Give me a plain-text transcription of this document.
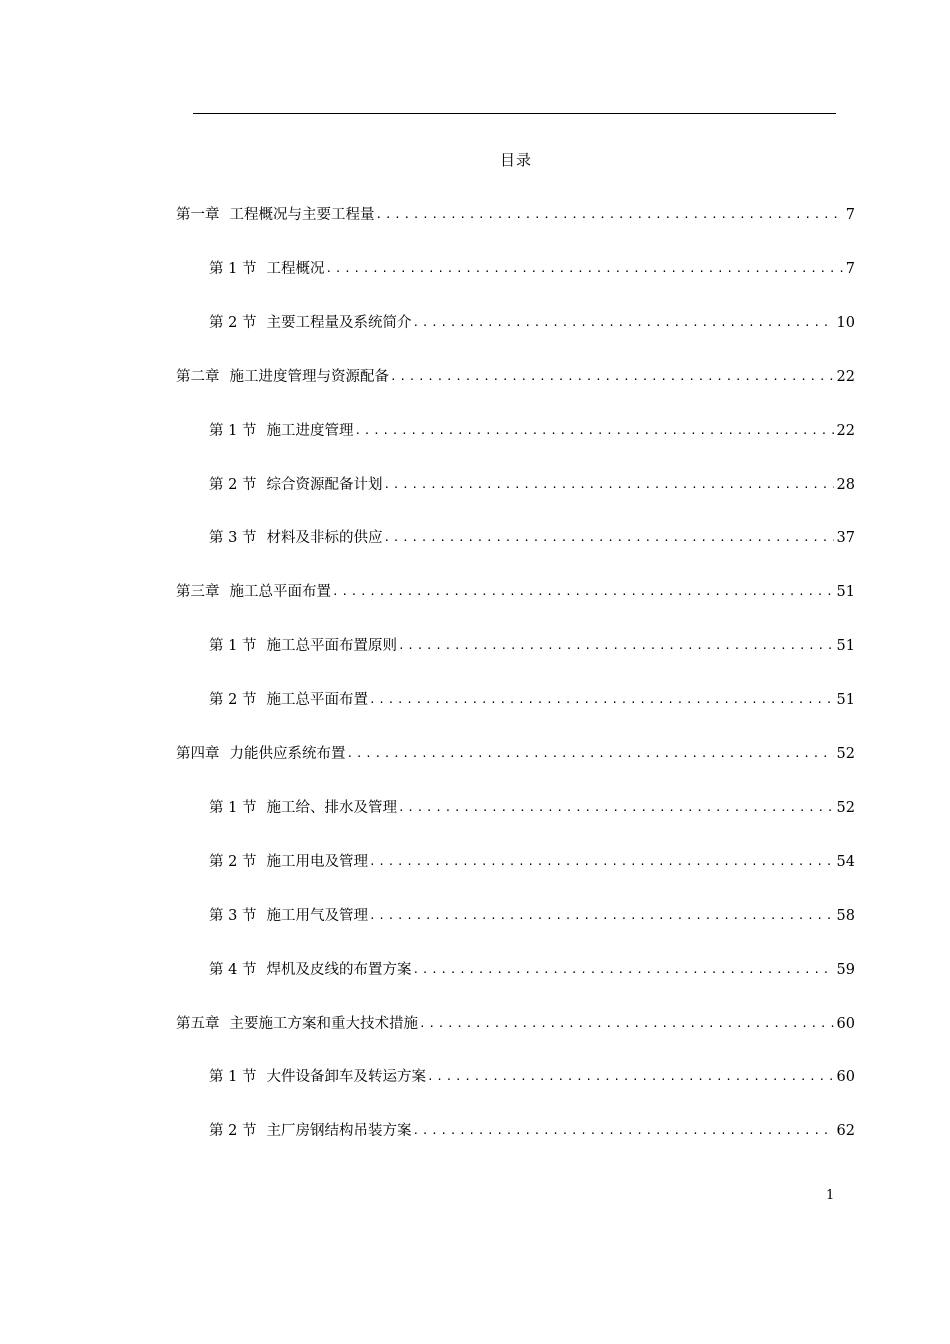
目录
第一章 工程概况与主要工程量 .....	7
第 1 节 工程概况 .....	7
第 2 节 主要工程量及系统简介 .....	10
第二章 施工进度管理与资源配备 .....	22
第 1 节 施工进度管理 .....	22
第 2 节 综合资源配备计划 .....	28
第 3 节 材料及非标的供应 .....	37
第三章 施工总平面布置 .....	51
第 1 节 施工总平面布置原则 .....	51
第 2 节 施工总平面布置 .....	51
第四章 力能供应系统布置 .....	52
第 1 节 施工给、排水及管理 .....	52
第 2 节 施工用电及管理 .....	54
第 3 节 施工用气及管理 .....	58
第 4 节 焊机及皮线的布置方案 .....	59
第五章 主要施工方案和重大技术措施 .....	60
第 1 节 大件设备卸车及转运方案 .....	60
第 2 节 主厂房钢结构吊装方案 .....	62
1
